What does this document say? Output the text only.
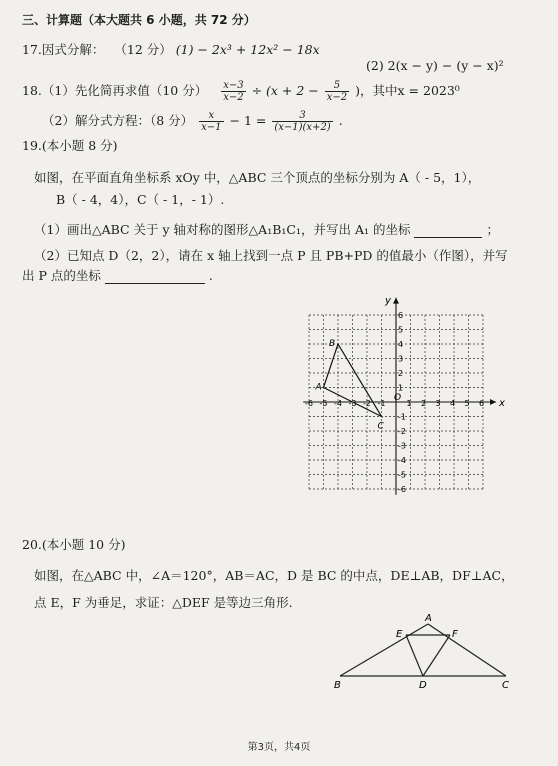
三、计算题（本大题共 6 小题，共 72 分）
17.因式分解： （12 分） (1) − 2x³ + 12x² − 18x
(2) 2(x − y) − (y − x)²
18.（1）先化简再求值（10 分） $\frac{x-3}{x-2} \div (x + 2 - \frac{5}{x-2}$ )，其中x = 2023⁰
（2）解分式方程：（8 分） $\frac{x}{x-1} - 1 = \frac{3}{(x-1)(x+2)}$ .
19.(本小题 8 分)
如图，在平面直角坐标系 xOy 中，△ABC 三个顶点的坐标分别为 A（ - 5，1），
B（ - 4，4），C（ - 1，- 1）.
（1）画出△ABC 关于 y 轴对称的图形△A₁B₁C₁，并写出 A₁ 的坐标	；
（2）已知点 D（2，2），请在 x 轴上找到一点 P 且 PB+PD 的值最小（作图），并写
出 P 点的坐标	.
x
y
O
-6 -5 -4 -3 -2 -1	1 2 3 4 5 6
6
5
4
3
2
1
-1
-2
-3
-4
-5
-6
A
B
C
20.(本小题 10 分)
如图，在△ABC 中，∠A＝120°，AB＝AC，D 是 BC 的中点，DE⊥AB，DF⊥AC，
点 E，F 为垂足，求证：△DEF 是等边三角形.
A
B	C
D
E	F
第3页，共4页
